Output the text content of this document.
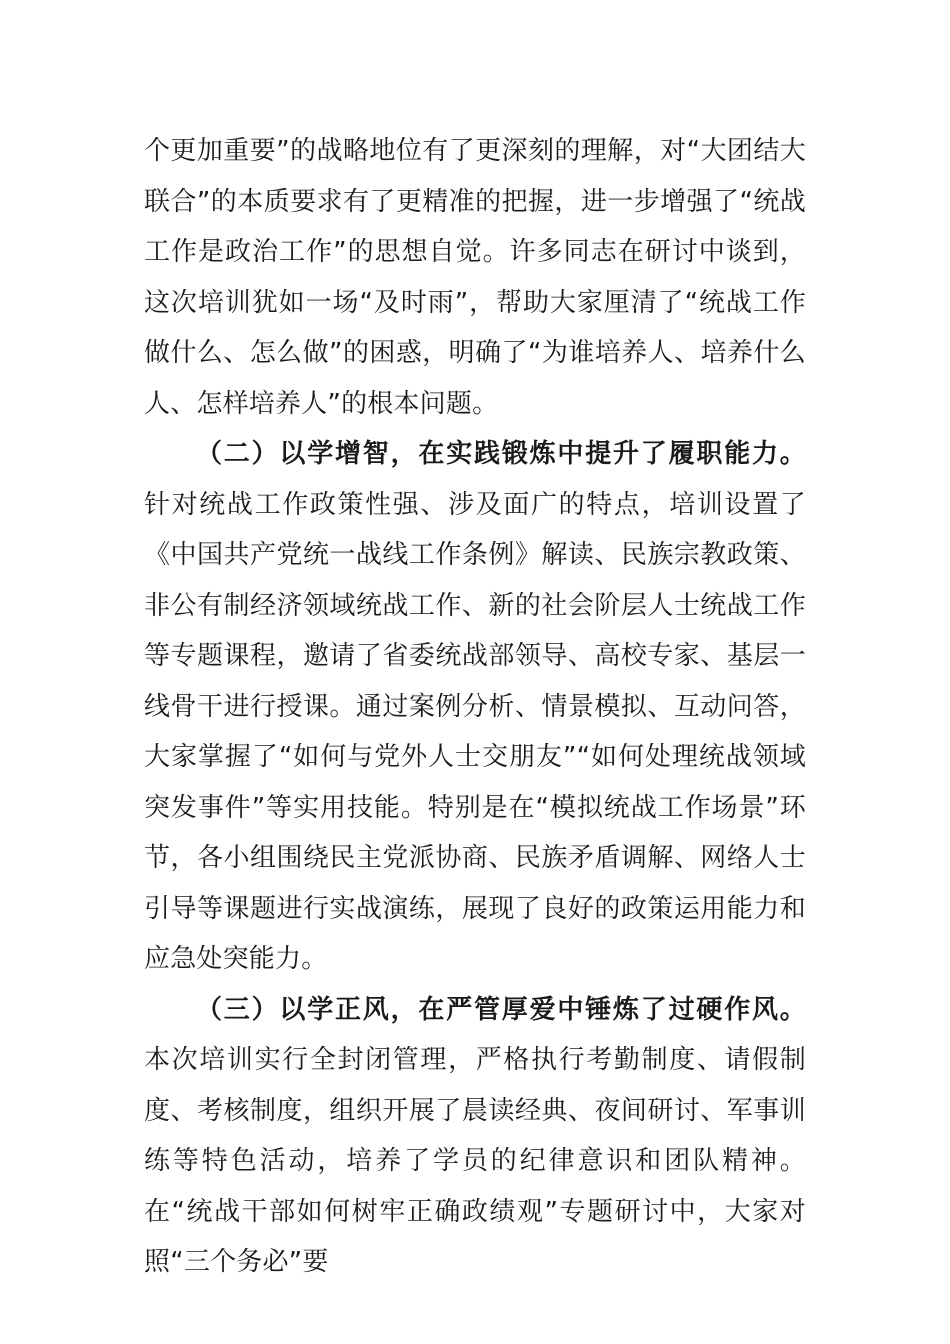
个更加重要”的战略地位有了更深刻的理解，对“大团结大联合”的本质要求有了更精准的把握，进一步增强了“统战工作是政治工作”的思想自觉。许多同志在研讨中谈到，这次培训犹如一场“及时雨”，帮助大家厘清了“统战工作做什么、怎么做”的困惑，明确了“为谁培养人、培养什么人、怎样培养人”的根本问题。

（二）以学增智，在实践锻炼中提升了履职能力。 针对统战工作政策性强、涉及面广的特点，培训设置了《中国共产党统一战线工作条例》解读、民族宗教政策、非公有制经济领域统战工作、新的社会阶层人士统战工作等专题课程，邀请了省委统战部领导、高校专家、基层一线骨干进行授课。通过案例分析、情景模拟、互动问答，大家掌握了“如何与党外人士交朋友”“如何处理统战领域突发事件”等实用技能。特别是在“模拟统战工作场景”环节，各小组围绕民主党派协商、民族矛盾调解、网络人士引导等课题进行实战演练，展现了良好的政策运用能力和应急处突能力。

（三）以学正风，在严管厚爱中锤炼了过硬作风。 本次培训实行全封闭管理，严格执行考勤制度、请假制度、考核制度，组织开展了晨读经典、夜间研讨、军事训练等特色活动，培养了学员的纪律意识和团队精神。在“统战干部如何树牢正确政绩观”专题研讨中，大家对照“三个务必”要
